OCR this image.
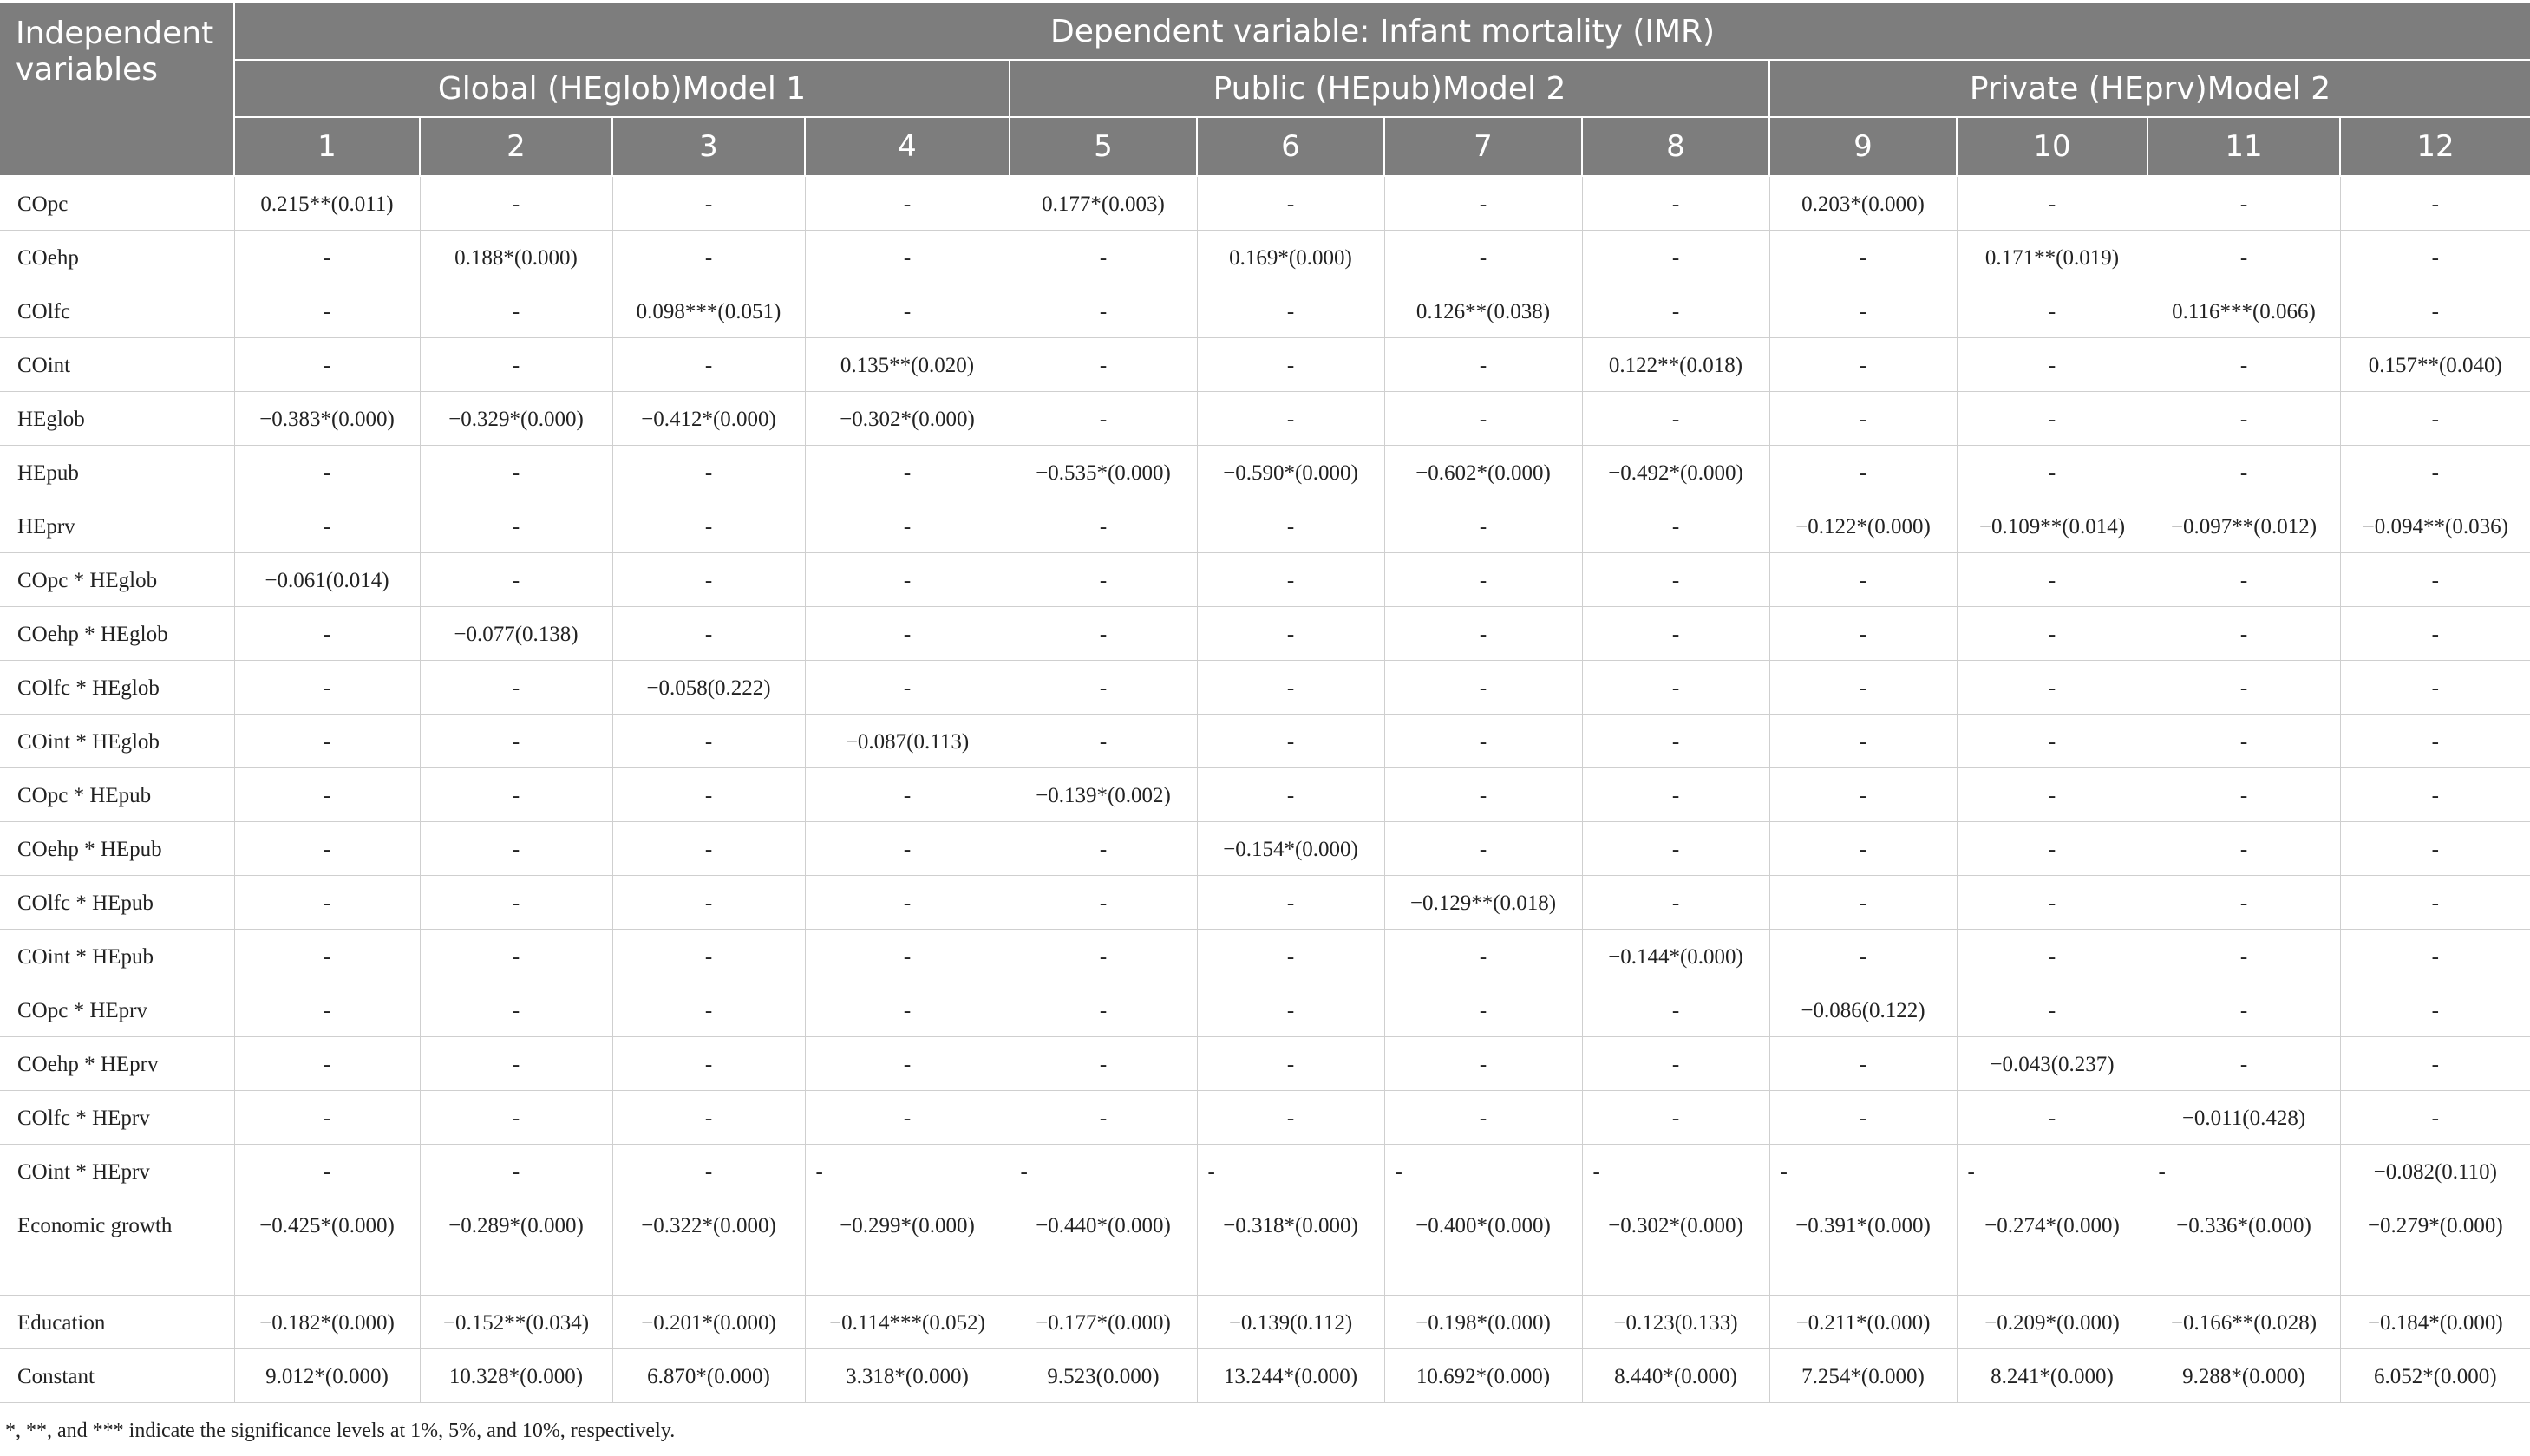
Independent variables	Dependent variable: Infant mortality (IMR)											
	Global (HEglob)Model 1				Public (HEpub)Model 2				Private (HEprv)Model 2			
	1	2	3	4	5	6	7	8	9	10	11	12
COpc	0.215**(0.011)	-	-	-	0.177*(0.003)	-	-	-	0.203*(0.000)	-	-	-
COehp	-	0.188*(0.000)	-	-	-	0.169*(0.000)	-	-	-	0.171**(0.019)	-	-
COlfc	-	-	0.098***(0.051)	-	-	-	0.126**(0.038)	-	-	-	0.116***(0.066)	-
COint	-	-	-	0.135**(0.020)	-	-	-	0.122**(0.018)	-	-	-	0.157**(0.040)
HEglob	−0.383*(0.000)	−0.329*(0.000)	−0.412*(0.000)	−0.302*(0.000)	-	-	-	-	-	-	-	-
HEpub	-	-	-	-	−0.535*(0.000)	−0.590*(0.000)	−0.602*(0.000)	−0.492*(0.000)	-	-	-	-
HEprv	-	-	-	-	-	-	-	-	−0.122*(0.000)	−0.109**(0.014)	−0.097**(0.012)	−0.094**(0.036)
COpc * HEglob	−0.061(0.014)	-	-	-	-	-	-	-	-	-	-	-
COehp * HEglob	-	−0.077(0.138)	-	-	-	-	-	-	-	-	-	-
COlfc * HEglob	-	-	−0.058(0.222)	-	-	-	-	-	-	-	-	-
COint * HEglob	-	-	-	−0.087(0.113)	-	-	-	-	-	-	-	-
COpc * HEpub	-	-	-	-	−0.139*(0.002)	-	-	-	-	-	-	-
COehp * HEpub	-	-	-	-	-	−0.154*(0.000)	-	-	-	-	-	-
COlfc * HEpub	-	-	-	-	-	-	−0.129**(0.018)	-	-	-	-	-
COint * HEpub	-	-	-	-	-	-	-	−0.144*(0.000)	-	-	-	-
COpc * HEprv	-	-	-	-	-	-	-	-	−0.086(0.122)	-	-	-
COehp * HEprv	-	-	-	-	-	-	-	-	-	−0.043(0.237)	-	-
COlfc * HEprv	-	-	-	-	-	-	-	-	-	-	−0.011(0.428)	-
COint * HEprv	-	-	-	-	-	-	-	-	-	-	-	−0.082(0.110)
Economic growth	−0.425*(0.000)	−0.289*(0.000)	−0.322*(0.000)	−0.299*(0.000)	−0.440*(0.000)	−0.318*(0.000)	−0.400*(0.000)	−0.302*(0.000)	−0.391*(0.000)	−0.274*(0.000)	−0.336*(0.000)	−0.279*(0.000)
Education	−0.182*(0.000)	−0.152**(0.034)	−0.201*(0.000)	−0.114***(0.052)	−0.177*(0.000)	−0.139(0.112)	−0.198*(0.000)	−0.123(0.133)	−0.211*(0.000)	−0.209*(0.000)	−0.166**(0.028)	−0.184*(0.000)
Constant	9.012*(0.000)	10.328*(0.000)	6.870*(0.000)	3.318*(0.000)	9.523(0.000)	13.244*(0.000)	10.692*(0.000)	8.440*(0.000)	7.254*(0.000)	8.241*(0.000)	9.288*(0.000)	6.052*(0.000)
*, **, and *** indicate the significance levels at 1%, 5%, and 10%, respectively.
